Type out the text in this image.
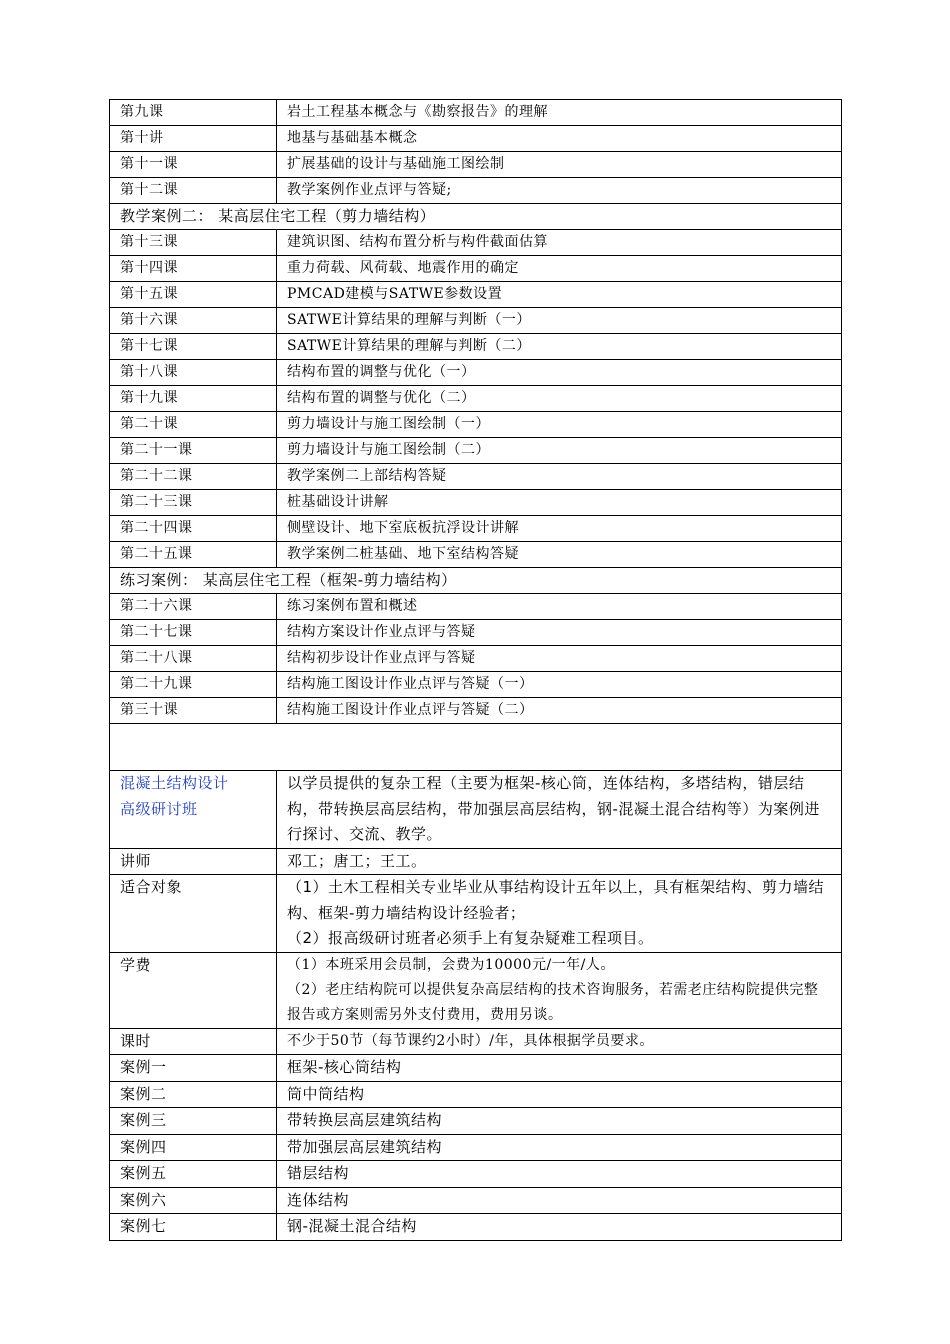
第九课	岩土工程基本概念与《勘察报告》的理解
第十讲	地基与基础基本概念
第十一课	扩展基础的设计与基础施工图绘制
第十二课	教学案例作业点评与答疑;
教学案例二： 某高层住宅工程（剪力墙结构）	
第十三课	建筑识图、结构布置分析与构件截面估算
第十四课	重力荷载、风荷载、地震作用的确定
第十五课	PMCAD建模与SATWE参数设置
第十六课	SATWE计算结果的理解与判断（一）
第十七课	SATWE计算结果的理解与判断（二）
第十八课	结构布置的调整与优化（一）
第十九课	结构布置的调整与优化（二）
第二十课	剪力墙设计与施工图绘制（一）
第二十一课	剪力墙设计与施工图绘制（二）
第二十二课	教学案例二上部结构答疑
第二十三课	桩基础设计讲解
第二十四课	侧壁设计、地下室底板抗浮设计讲解
第二十五课	教学案例二桩基础、地下室结构答疑
练习案例： 某高层住宅工程（框架-剪力墙结构）	
第二十六课	练习案例布置和概述
第二十七课	结构方案设计作业点评与答疑
第二十八课	结构初步设计作业点评与答疑
第二十九课	结构施工图设计作业点评与答疑（一）
第三十课	结构施工图设计作业点评与答疑（二）

混凝土结构设计
高级研讨班	以学员提供的复杂工程（主要为框架-核心筒，连体结构，多塔结构，错层结构，带转换层高层结构，带加强层高层结构，钢-混凝土混合结构等）为案例进行探讨、交流、教学。
讲师	邓工；唐工；王工。
适合对象	（1）土木工程相关专业毕业从事结构设计五年以上，具有框架结构、剪力墙结构、框架-剪力墙结构设计经验者；
（2）报高级研讨班者必须手上有复杂疑难工程项目。

学费	（1）本班采用会员制，会费为10000元/一年/人。
（2）老庄结构院可以提供复杂高层结构的技术咨询服务，若需老庄结构院提供完整报告或方案则需另外支付费用，费用另谈。

课时	不少于50节（每节课约2小时）/年，具体根据学员要求。
案例一	框架-核心筒结构
案例二	筒中筒结构
案例三	带转换层高层建筑结构
案例四	带加强层高层建筑结构
案例五	错层结构
案例六	连体结构
案例七	钢-混凝土混合结构
